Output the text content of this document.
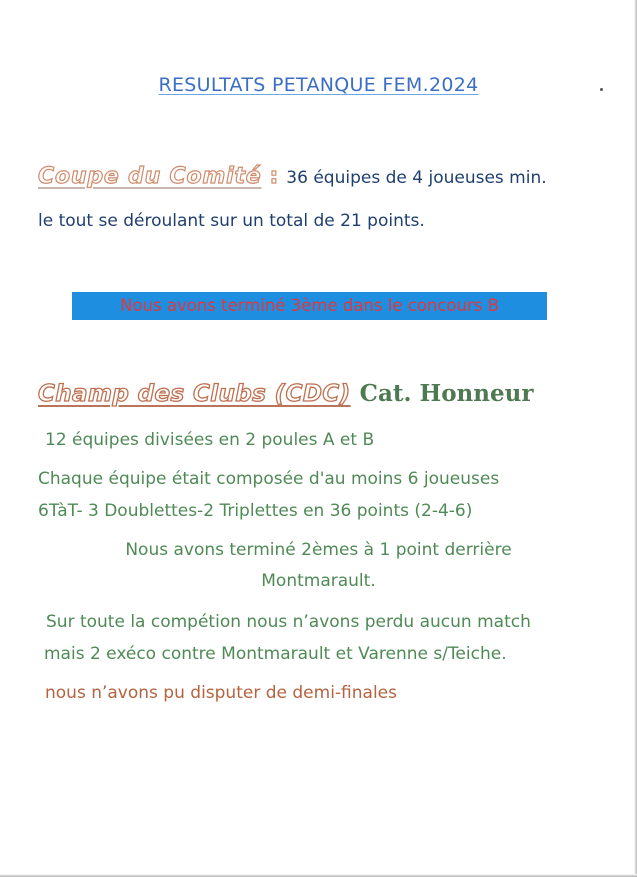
RESULTATS PETANQUE FEM.2024
Coupe du Comité : 36 équipes de 4 joueuses min.
le tout se déroulant sur un total de 21 points.
Nous avons terminé 3ème dans le concours B
Champ des Clubs (CDC) Cat. Honneur
12 équipes divisées en 2 poules A et B
Chaque équipe était composée d'au moins 6 joueuses
6TàT- 3 Doublettes-2 Triplettes en 36 points (2-4-6)
Nous avons terminé 2èmes à 1 point derrière
Montmarault.
Sur toute la compétion nous n’avons perdu aucun match
mais 2 exéco contre Montmarault et Varenne s/Teiche.
nous n’avons pu disputer de demi-finales
